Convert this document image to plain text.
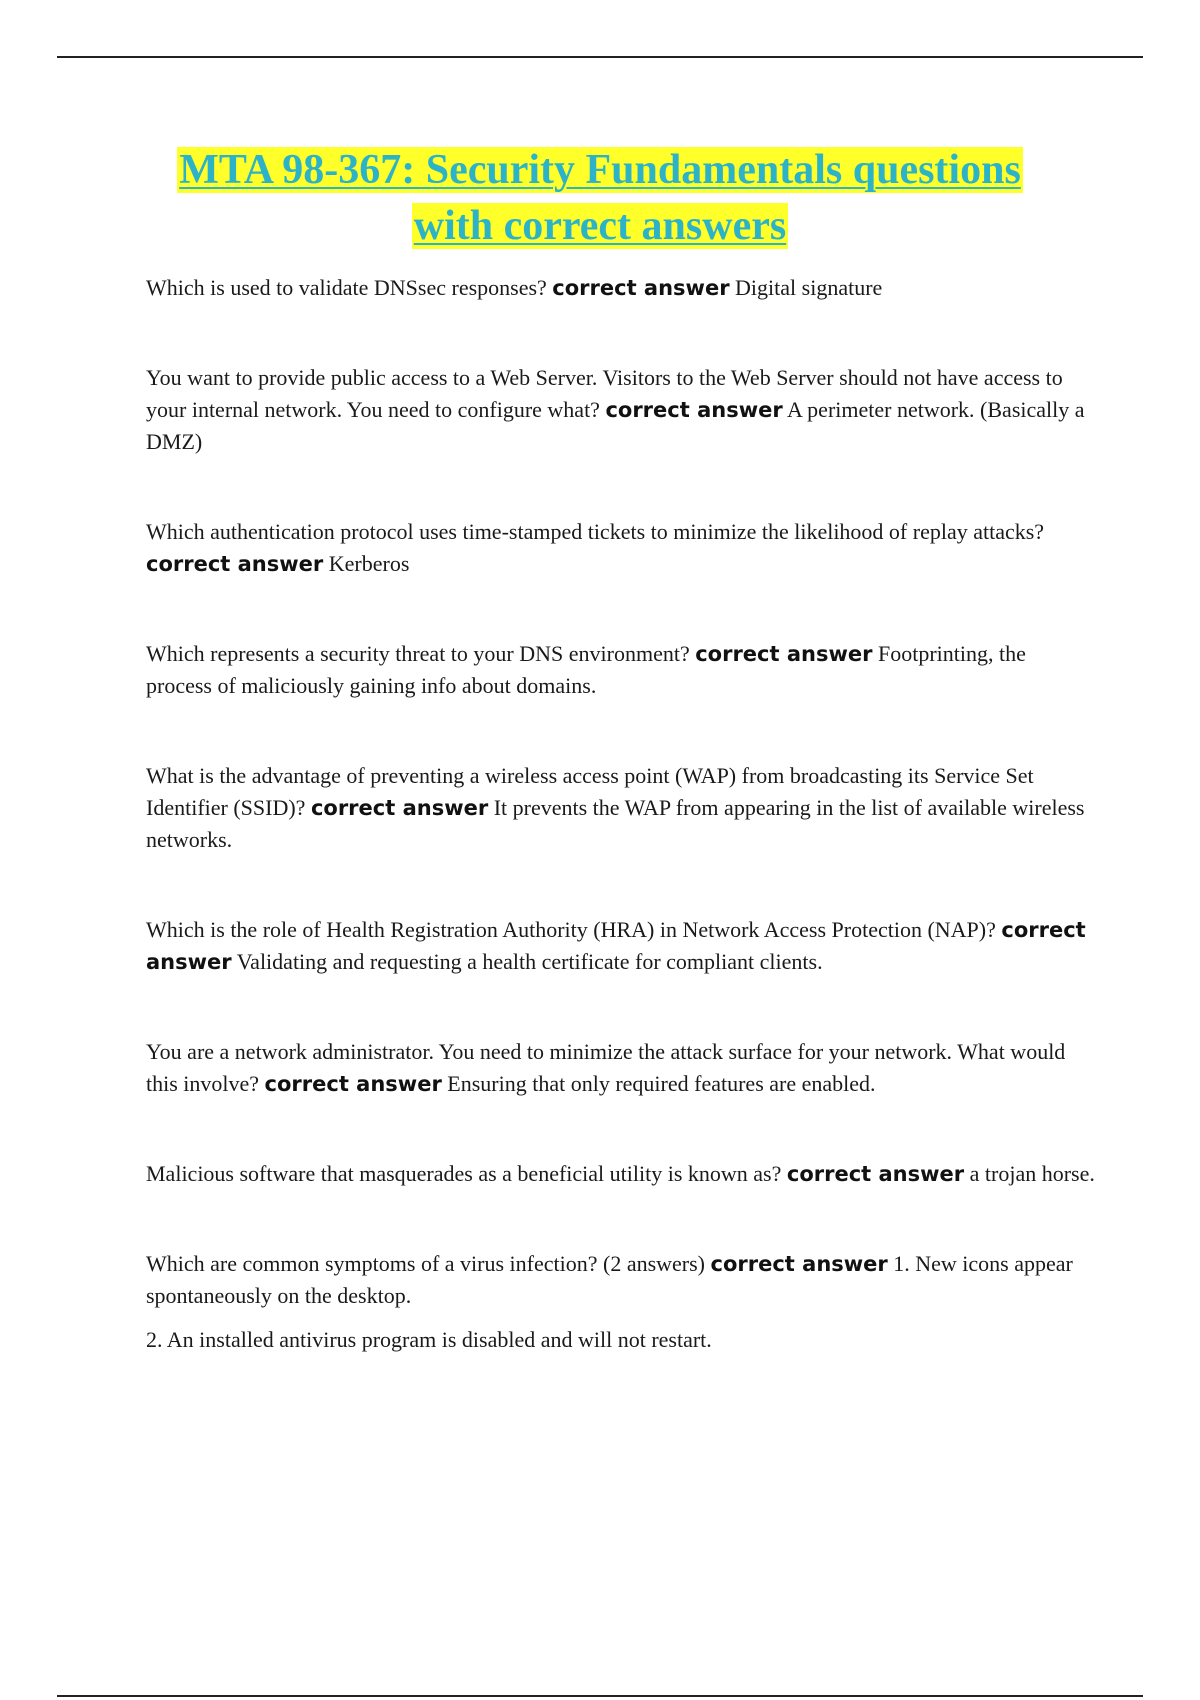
MTA 98-367: Security Fundamentals questions
with correct answers

Which is used to validate DNSsec responses? correct answer Digital signature

You want to provide public access to a Web Server. Visitors to the Web Server should not have access to your internal network. You need to configure what? correct answer A perimeter network. (Basically a DMZ)

Which authentication protocol uses time-stamped tickets to minimize the likelihood of replay attacks? correct answer Kerberos

Which represents a security threat to your DNS environment? correct answer Footprinting, the process of maliciously gaining info about domains.

What is the advantage of preventing a wireless access point (WAP) from broadcasting its Service Set Identifier (SSID)? correct answer It prevents the WAP from appearing in the list of available wireless networks.

Which is the role of Health Registration Authority (HRA) in Network Access Protection (NAP)? correct answer Validating and requesting a health certificate for compliant clients.

You are a network administrator. You need to minimize the attack surface for your network. What would this involve? correct answer Ensuring that only required features are enabled.

Malicious software that masquerades as a beneficial utility is known as? correct answer a trojan horse.

Which are common symptoms of a virus infection? (2 answers) correct answer 1. New icons appear spontaneously on the desktop.

2. An installed antivirus program is disabled and will not restart.
